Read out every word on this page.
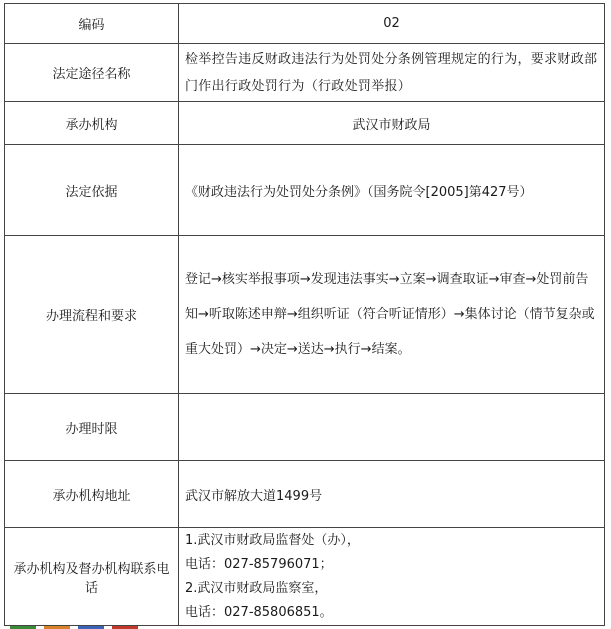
编码	02

法定途径名称	检举控告违反财政违法行为处罚处分条例管理规定的行为，要求财政部门作出行政处罚行为（行政处罚举报）
承办机构	武汉市财政局

法定依据	《财政违法行为处罚处分条例》（国务院令[2005]第427号）
办理流程和要求	登记→核实举报事项→发现违法事实→立案→调查取证→审查→处罚前告知→听取陈述申辩→组织听证（符合听证情形）→集体讨论（情节复杂或重大处罚）→决定→送达→执行→结案。
办理时限	
承办机构地址	武汉市解放大道1499号
承办机构及督办机构联系电话	1.武汉市财政局监督处（办），
电话：027-85796071；
2.武汉市财政局监察室，
电话：027-85806851。
